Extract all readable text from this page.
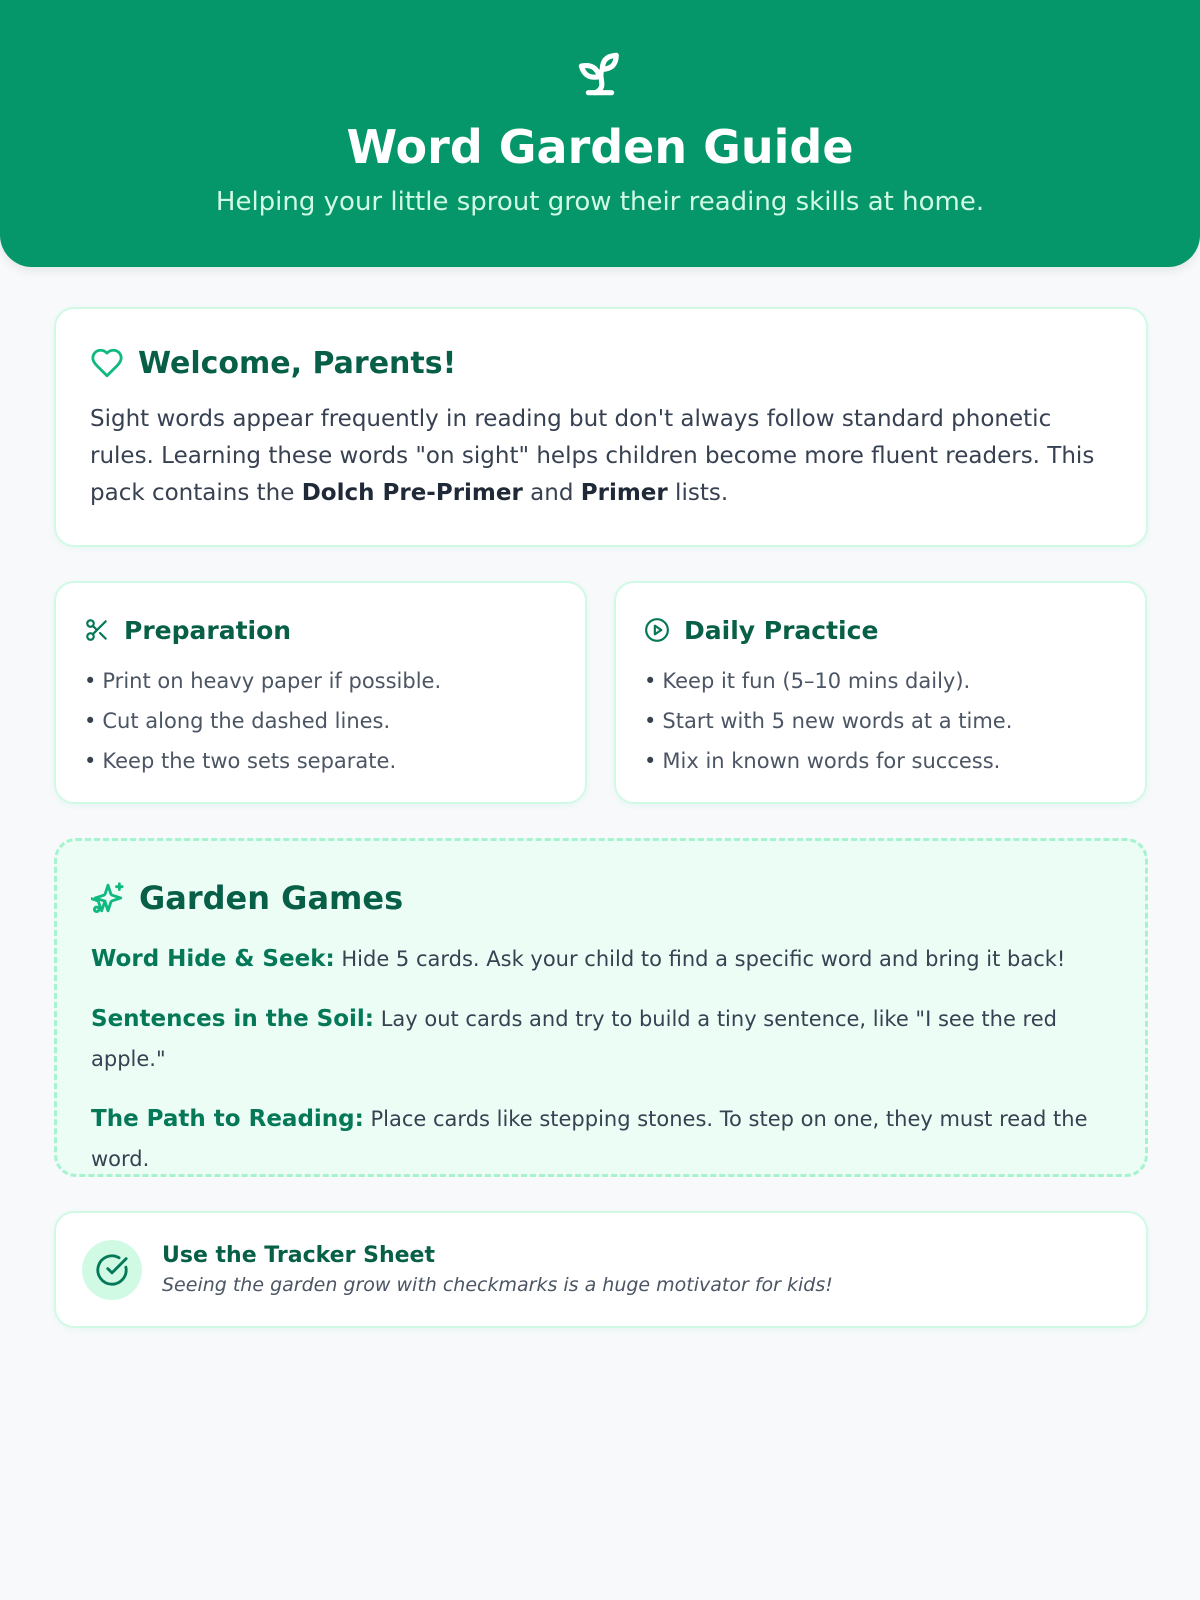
Word Garden Guide
Helping your little sprout grow their reading skills at home.
Welcome, Parents!

Sight words appear frequently in reading but don't always follow standard phonetic rules. Learning these words "on sight" helps children become more fluent readers. This pack contains the Dolch Pre-Primer and Primer lists.

Preparation
• Print on heavy paper if possible.
• Cut along the dashed lines.
• Keep the two sets separate.
Daily Practice
• Keep it fun (5–10 mins daily).
• Start with 5 new words at a time.
• Mix in known words for success.
Garden Games
Word Hide & Seek: Hide 5 cards. Ask your child to find a specific word and bring it back!
Sentences in the Soil: Lay out cards and try to build a tiny sentence, like "I see the red apple."
The Path to Reading: Place cards like stepping stones. To step on one, they must read the word.
Use the Tracker Sheet
Seeing the garden grow with checkmarks is a huge motivator for kids!
